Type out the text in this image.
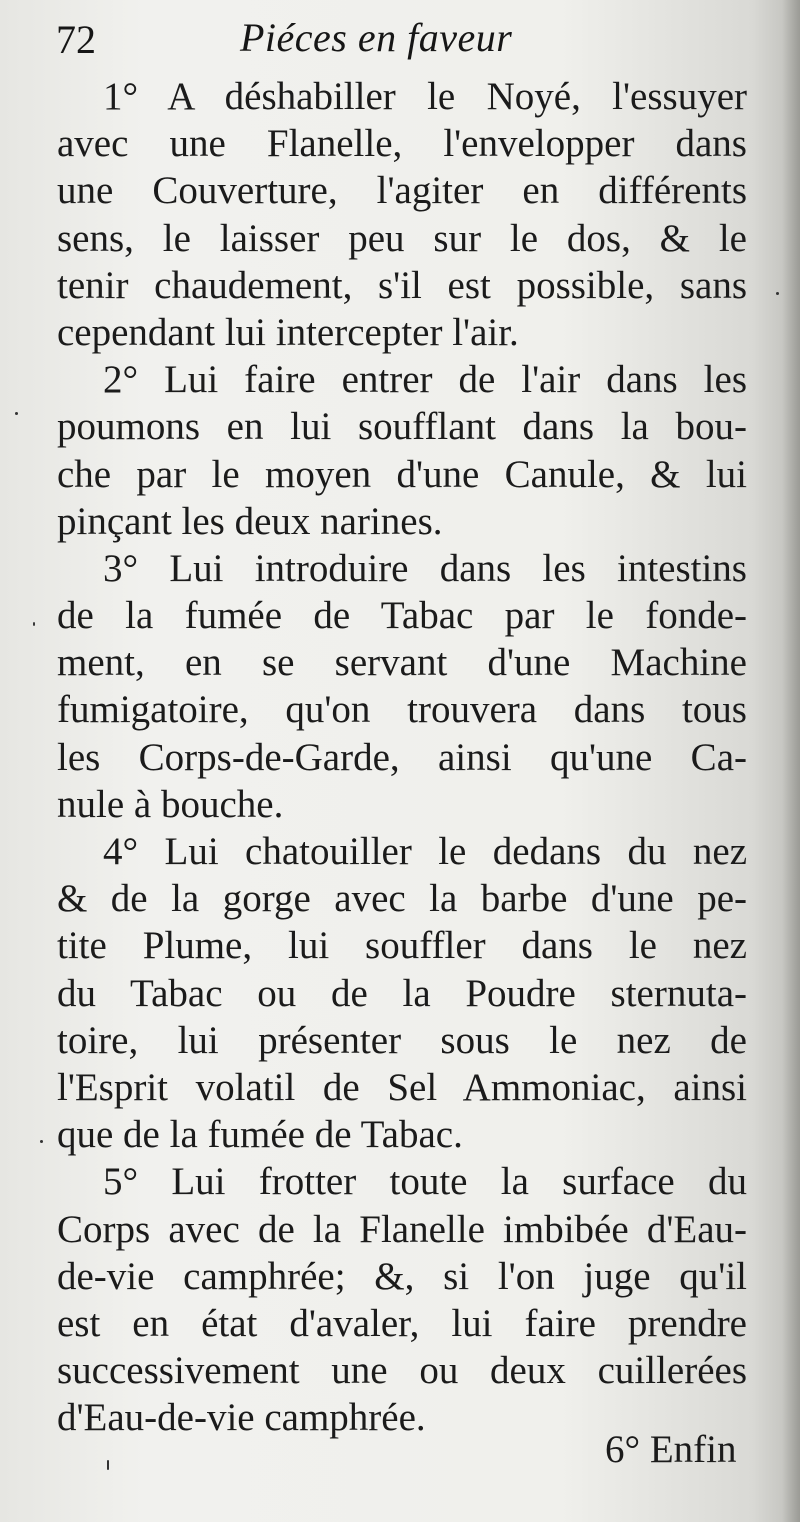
72	Piéces en faveur
1° A déshabiller le Noyé, l'essuyer
avec une Flanelle, l'envelopper dans
une Couverture, l'agiter en différents
sens, le laisser peu sur le dos, & le
tenir chaudement, s'il est possible, sans
cependant lui intercepter l'air.
2° Lui faire entrer de l'air dans les
poumons en lui soufflant dans la bou-
che par le moyen d'une Canule, & lui
pinçant les deux narines.
3° Lui introduire dans les intestins
de la fumée de Tabac par le fonde-
ment, en se servant d'une Machine
fumigatoire, qu'on trouvera dans tous
les Corps-de-Garde, ainsi qu'une Ca-
nule à bouche.
4° Lui chatouiller le dedans du nez
& de la gorge avec la barbe d'une pe-
tite Plume, lui souffler dans le nez
du Tabac ou de la Poudre sternuta-
toire, lui présenter sous le nez de
l'Esprit volatil de Sel Ammoniac, ainsi
que de la fumée de Tabac.
5° Lui frotter toute la surface du
Corps avec de la Flanelle imbibée d'Eau-
de-vie camphrée; &, si l'on juge qu'il
est en état d'avaler, lui faire prendre
successivement une ou deux cuillerées
d'Eau-de-vie camphrée.
6° Enfin
